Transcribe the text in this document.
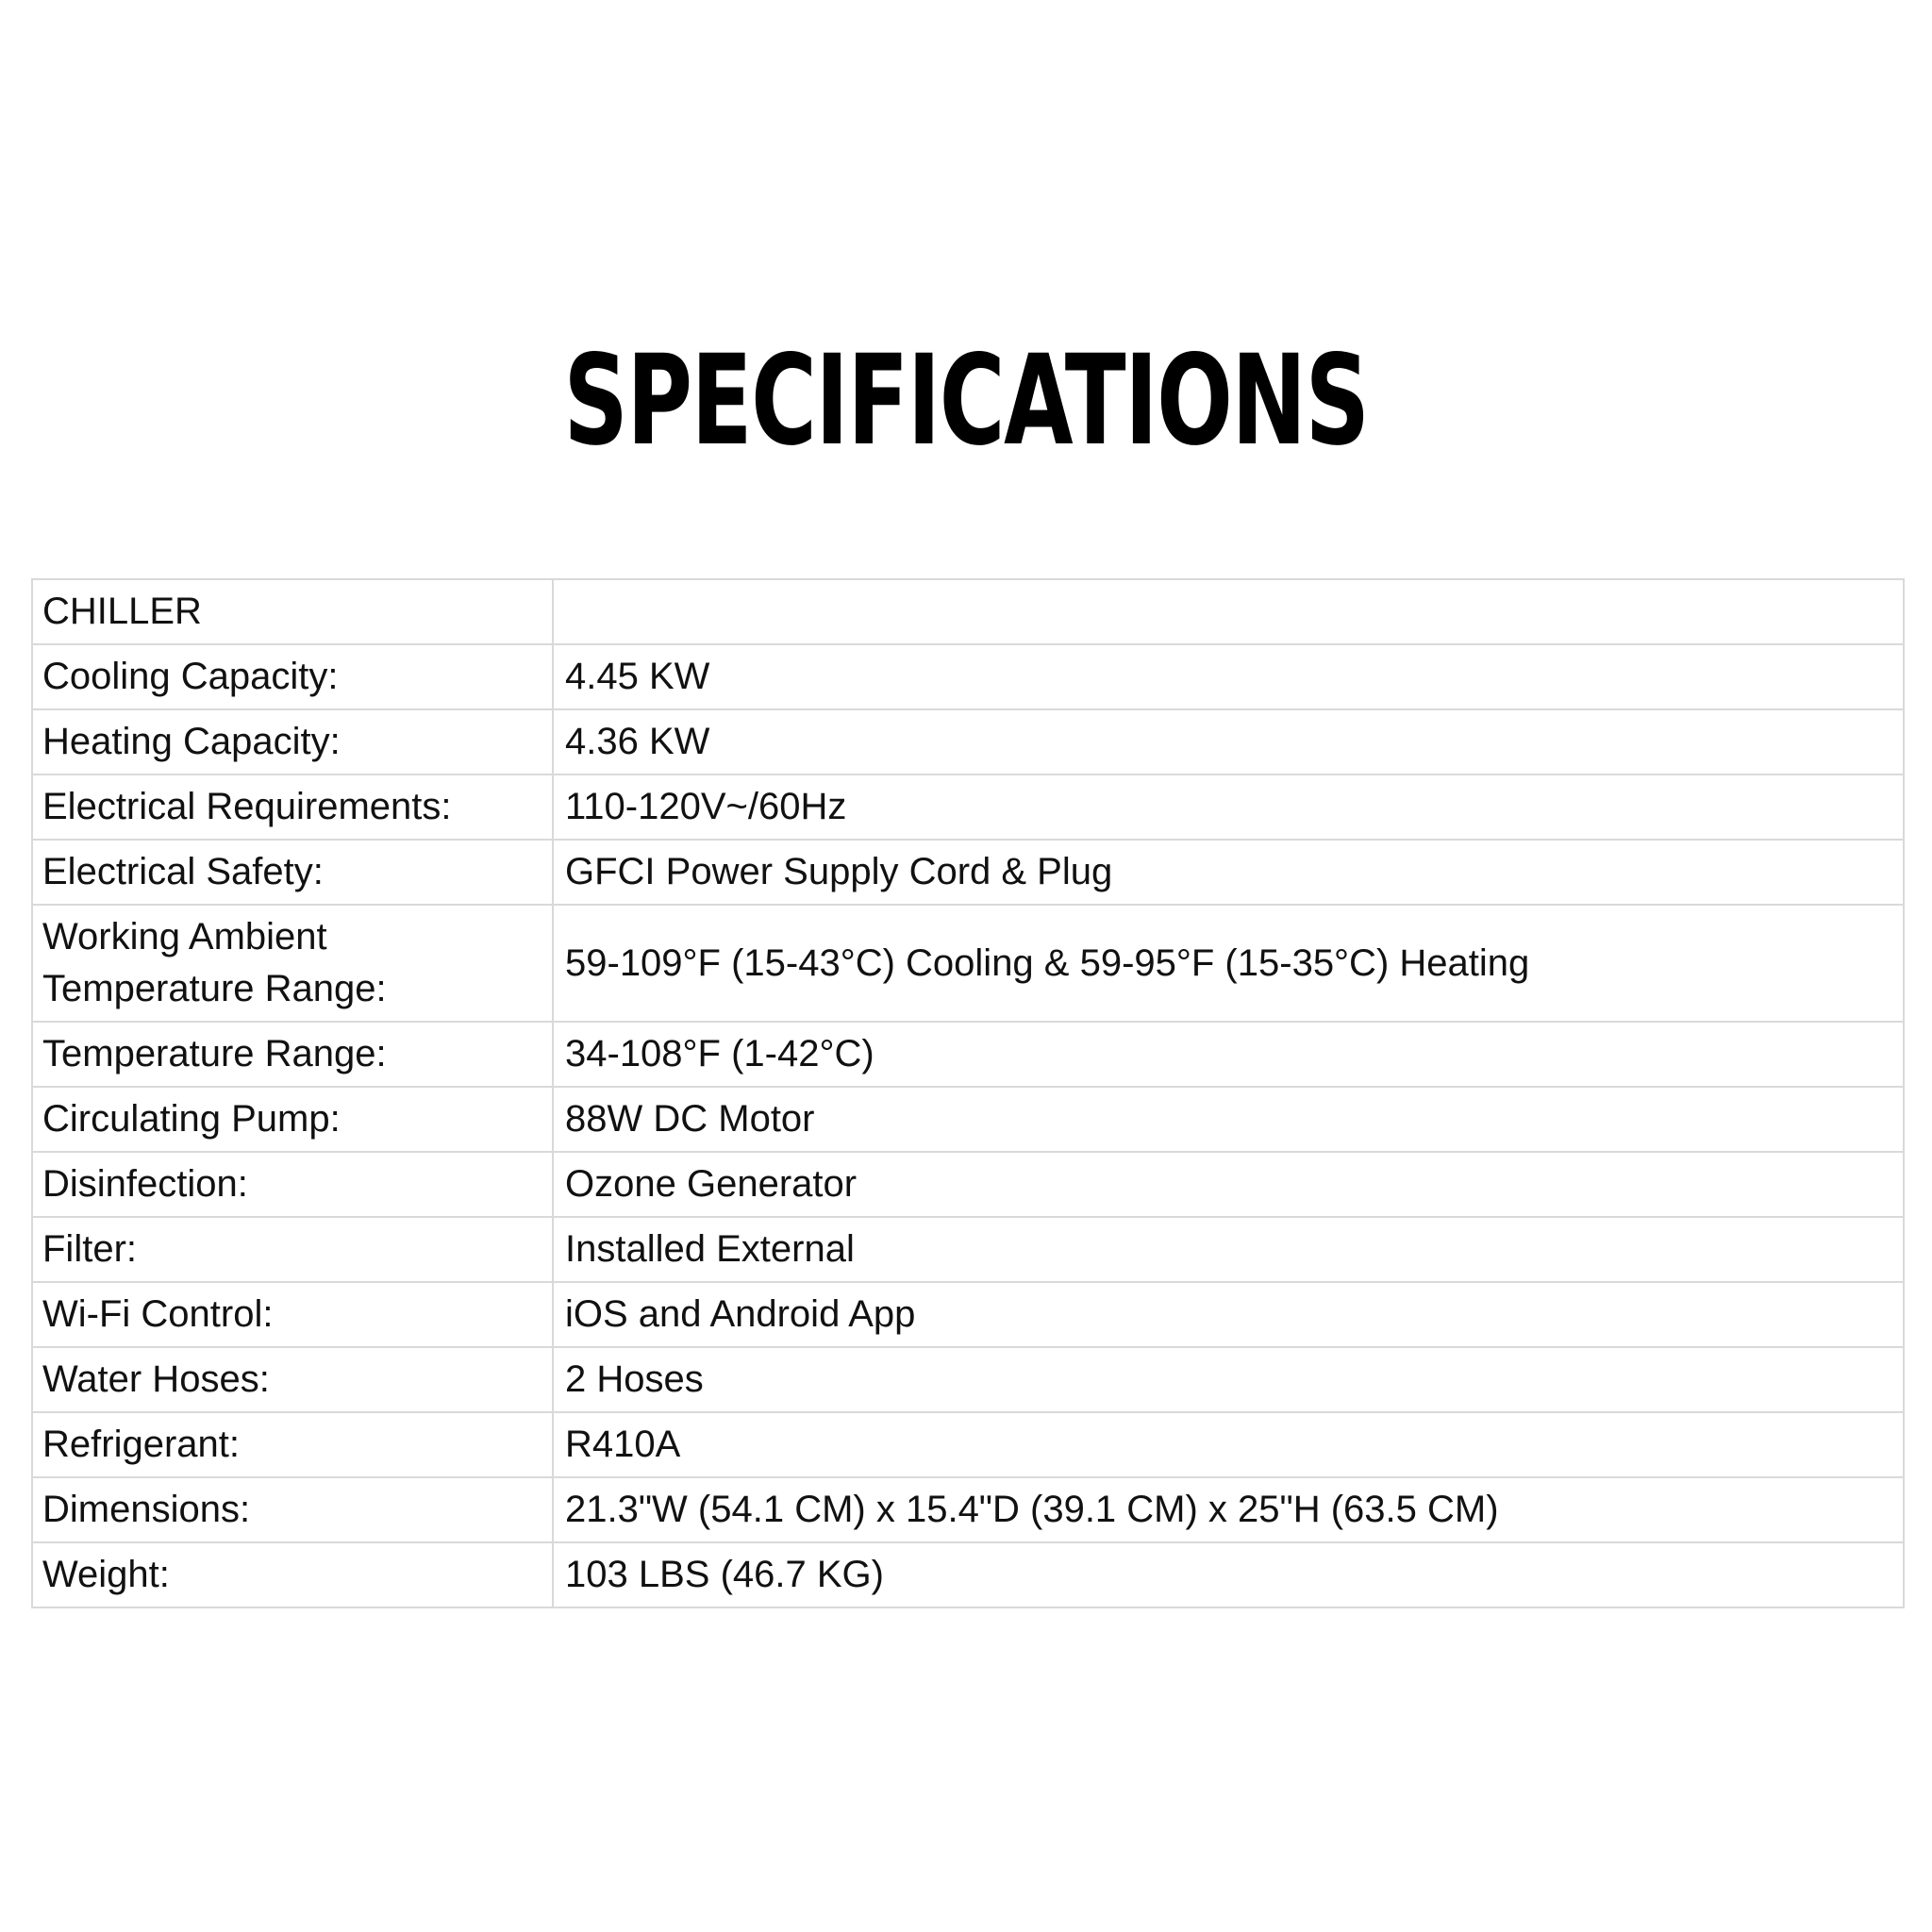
SPECIFICATIONS
CHILLER	
Cooling Capacity:	4.45 KW
Heating Capacity:	4.36 KW
Electrical Requirements:	110-120V~/60Hz
Electrical Safety:	GFCI Power Supply Cord & Plug
Working Ambient Temperature Range:	59-109°F (15-43°C) Cooling & 59-95°F (15-35°C) Heating
Temperature Range:	34-108°F (1-42°C)
Circulating Pump:	88W DC Motor
Disinfection:	Ozone Generator
Filter:	Installed External
Wi-Fi Control:	iOS and Android App
Water Hoses:	2 Hoses
Refrigerant:	R410A
Dimensions:	21.3"W (54.1 CM) x 15.4"D (39.1 CM) x 25"H (63.5 CM)
Weight:	103 LBS (46.7 KG)
